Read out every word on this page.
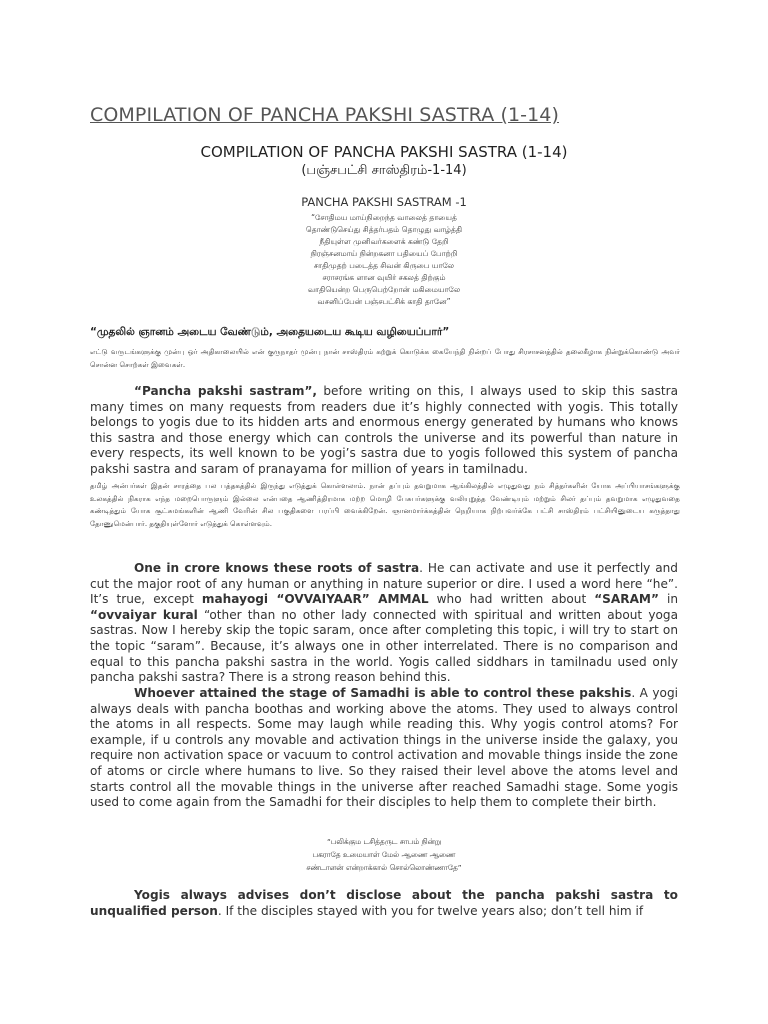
COMPILATION OF PANCHA PAKSHI SASTRA (1-14)
COMPILATION OF PANCHA PAKSHI SASTRA (1-14)
(பஞ்சபட்சி சாஸ்திரம்-1-14)
PANCHA PAKSHI SASTRAM -1
“சோதிமய மாய்நிறைந்த வாலைத் தாயைத்
தொண்டுசெய்து சித்தர்பதம் தொழுது வாழ்த்தி
நீதியுள்ள முனிவர்களைக் கண்டு தேறி
நிரஞ்சனமாய் நின்றகனா பதியைப் போற்றி
சாதிமுதற் படைத்த சிவன் கிருபை யாலே
சராசரங்க ளான வுயிர் சகலத் திற்கும்
வாதியென்ற பெருபெற்றோன் மகிமையாலே
வசனிப்பேன் பஞ்சபட்சிக் காதி தானே”
“முதலில் ஞானம் அடைய வேண்டும், அதையடைய கூடிய வழியைப்பார்”
எட்டு வருடங்களுக்கு முன்பு ஒர் அதிகாலையில் என் குருநாதர் முன்பு நான் சாஸ்திரம் கற்றுக் கொடுக்க கையேந்தி நின்றப் போது சிரசாசனத்தில் தலைகீழாக நின்றுக்கொண்டு அவர் சொன்ன சொற்கள் இவைகள்.
“Pancha pakshi sastram”, before writing on this, I always used to skip this sastra many times on many requests from readers due it’s highly connected with yogis. This totally belongs to yogis due to its hidden arts and enormous energy generated by humans who knows this sastra and those energy which can controls the universe and its powerful than nature in every respects, its well known to be yogi’s sastra due to yogis followed this system of pancha pakshi sastra and saram of pranayama for million of years in tamilnadu.
தமிழ் அன்பர்கள் இதன் சாரத்தை பல பத்தகத்தில் இருந்து எடுத்துக் கொள்ளலாம். நான் தப்பும் தவறுமாக ஆங்கிலத்தில் எழுதுவது நம் சித்தர்களின் யோக அப்பியாசங்களுக்கு உலகத்தில் நிகராக எந்த மறைபொருளும் இல்லை என்பதை ஆணித்திரமாக மற்ற மொழி பேசுபர்களுக்கு வலியுறுத்த வேண்டியும் மற்றும் சிலர் தப்பும் தவறுமாக எழுதுவதை கண்டித்தும் யோக சூட்சுமங்களின் ஆணி வேரின் சில பகுதிகளை பரப்பி வைக்கிறேன். ஞானமார்க்கத்தின் நெறியாக நிற்பவர்க்கே பட்சி சாஸ்திரம் பட்சியினுடைய கருத்தாது தோணுமென்பார். தகுதியுள்ளோர் எடுத்துக் கொள்ளவும்.
One in crore knows these roots of sastra. He can activate and use it perfectly and cut the major root of any human or anything in nature superior or dire. I used a word here “he”. It’s true, except mahayogi “OVVAIYAAR” AMMAL who had written about “SARAM” in “ovvaiyar kural “other than no other lady connected with spiritual and written about yoga sastras. Now I hereby skip the topic saram, once after completing this topic, i will try to start on the topic “saram”. Because, it’s always one in other interrelated. There is no comparison and equal to this pancha pakshi sastra in the world. Yogis called siddhars in tamilnadu used only pancha pakshi sastra? There is a strong reason behind this.
Whoever attained the stage of Samadhi is able to control these pakshis. A yogi always deals with pancha boothas and working above the atoms. They used to always control the atoms in all respects. Some may laugh while reading this. Why yogis control atoms? For example, if u controls any movable and activation things in the universe inside the galaxy, you require non activation space or vacuum to control activation and movable things inside the zone of atoms or circle where humans to live. So they raised their level above the atoms level and starts control all the movable things in the universe after reached Samadhi stage. Some yogis used to come again from the Samadhi for their disciples to help them to complete their birth.
“பலிக்கும டசித்தருட சாபம் நின்று
பகராதே உமையாள் மேல் ஆணை ஆணை
சண்டாளன் என்றாக்கால் சொல்லொண்ணாதே”
Yogis always advises don’t disclose about the pancha pakshi sastra to unqualified person. If the disciples stayed with you for twelve years also; don’t tell him if
